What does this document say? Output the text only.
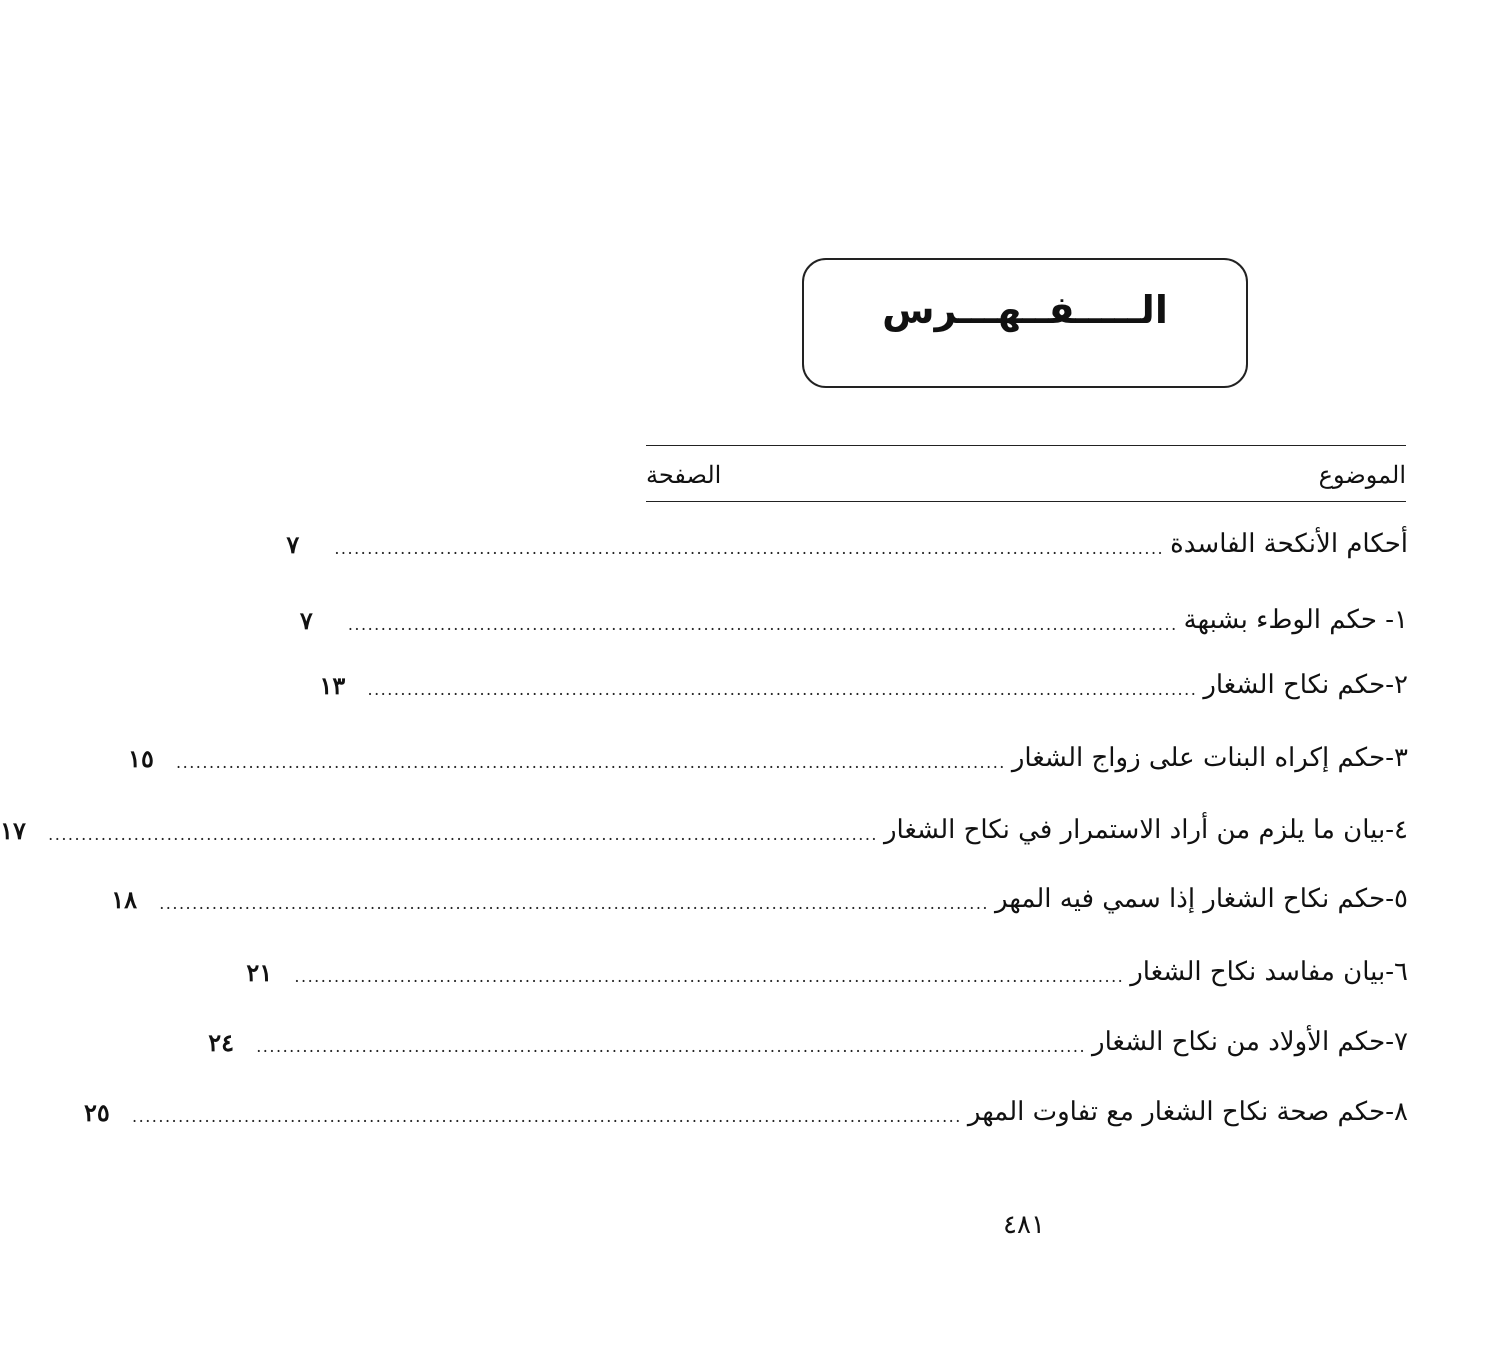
الـــــفــهـــرس
الموضوع
الصفحة
أحكام الأنكحة الفاسدة
..............................................................................................................................
٧
١- حكم الوطء بشبهة
..............................................................................................................................
٧
٢-حكم نكاح الشغار
..............................................................................................................................
١٣
٣-حكم إكراه البنات على زواج الشغار
..............................................................................................................................
١٥
٤-بيان ما يلزم من أراد الاستمرار في نكاح الشغار
..............................................................................................................................
١٧
٥-حكم نكاح الشغار إذا سمي فيه المهر
..............................................................................................................................
١٨
٦-بيان مفاسد نكاح الشغار
..............................................................................................................................
٢١
٧-حكم الأولاد من نكاح الشغار
..............................................................................................................................
٢٤
٨-حكم صحة نكاح الشغار مع تفاوت المهر
..............................................................................................................................
٢٥
٤٨١
